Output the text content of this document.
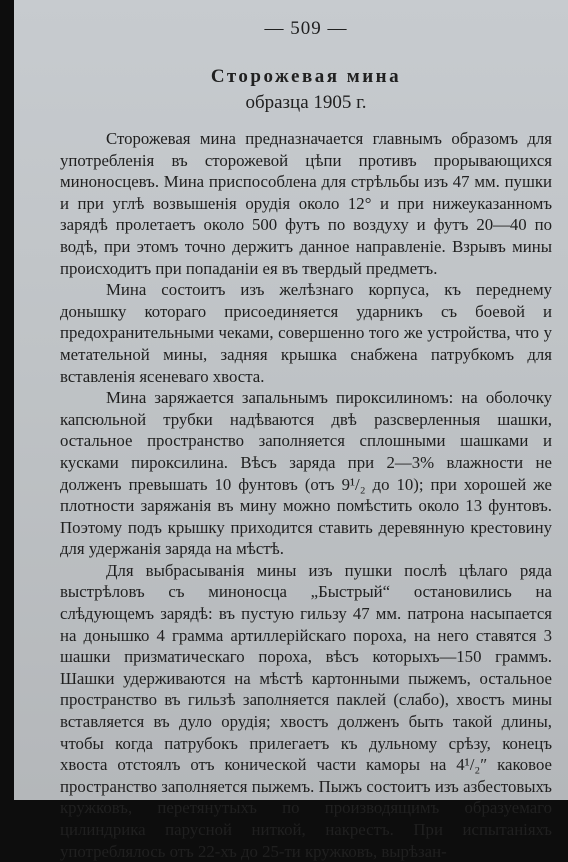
— 509 —
Сторожевая мина
образца 1905 г.

Сторожевая мина предназначается главнымъ образомъ для употребленія въ сторожевой цѣпи противъ прорывающихся миноносцевъ. Мина приспособлена для стрѣльбы изъ 47 мм. пушки и при углѣ возвышенія орудія около 12° и при нижеуказанномъ зарядѣ пролетаетъ около 500 футъ по воздуху и футъ 20—40 по водѣ, при этомъ точно держитъ данное направленіе. Взрывъ мины происходитъ при попаданіи ея въ твердый предметъ.

Мина состоитъ изъ желѣзнаго корпуса, къ переднему донышку котораго присоединяется ударникъ съ боевой и предохранительными чеками, совершенно того же устройства, что у метательной мины, задняя крышка снабжена патрубкомъ для вставленія ясеневаго хвоста.

Мина заряжается запальнымъ пироксилиномъ: на оболочку капсюльной трубки надѣваются двѣ разсверленныя шашки, остальное пространство заполняется сплошными шашками и кусками пироксилина. Вѣсъ заряда при 2—3% влажности не долженъ превышать 10 фунтовъ (отъ 9¹/₂ до 10); при хорошей же плотности заряжанія въ мину можно помѣстить около 13 фунтовъ. Поэтому подъ крышку приходится ставить деревянную крестовину для удержанія заряда на мѣстѣ.

Для выбрасыванія мины изъ пушки послѣ цѣлаго ряда выстрѣловъ съ миноносца „Быстрый“ остановились на слѣдующемъ зарядѣ: въ пустую гильзу 47 мм. патрона насыпается на донышко 4 грамма артиллерійскаго пороха, на него ставятся 3 шашки призматическаго пороха, вѣсъ которыхъ—150 граммъ. Шашки удерживаются на мѣстѣ картонными пыжемъ, остальное пространство въ гильзѣ заполняется паклей (слабо), хвостъ мины вставляется въ дуло орудія; хвостъ долженъ быть такой длины, чтобы когда патрубокъ прилегаетъ къ дульному срѣзу, конецъ хвоста отстоялъ отъ конической части каморы на 4¹/₂″ каковое пространство заполняется пыжемъ. Пыжъ состоитъ изъ азбестовыхъ кружковъ, перетянутыхъ по производящимъ образуемаго цилиндрика парусной ниткой, накрестъ. При испытаніяхъ употреблялось отъ 22-хъ до 25-ти кружковъ, вырѣзан-
